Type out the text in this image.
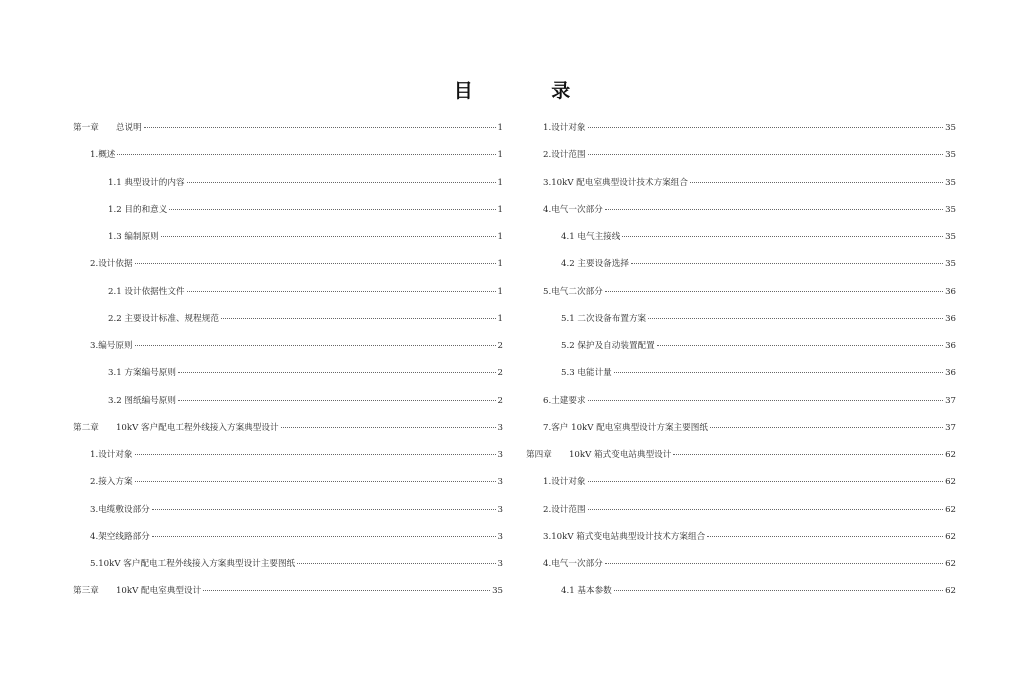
目 录
第一章　　总说明	1
1.概述	1
1.1 典型设计的内容	1
1.2 目的和意义	1
1.3 编制原则	1
2.设计依据	1
2.1 设计依据性文件	1
2.2 主要设计标准、规程规范	1
3.编号原则	2
3.1 方案编号原则	2
3.2 图纸编号原则	2
第二章　　10kV 客户配电工程外线接入方案典型设计	3
1.设计对象	3
2.接入方案	3
3.电缆敷设部分	3
4.架空线路部分	3
5.10kV 客户配电工程外线接入方案典型设计主要图纸	3
第三章　　10kV 配电室典型设计	35
1.设计对象	35
2.设计范围	35
3.10kV 配电室典型设计技术方案组合	35
4.电气一次部分	35
4.1 电气主接线	35
4.2 主要设备选择	35
5.电气二次部分	36
5.1 二次设备布置方案	36
5.2 保护及自动装置配置	36
5.3 电能计量	36
6.土建要求	37
7.客户 10kV 配电室典型设计方案主要图纸	37
第四章　　10kV 箱式变电站典型设计	62
1.设计对象	62
2.设计范围	62
3.10kV 箱式变电站典型设计技术方案组合	62
4.电气一次部分	62
4.1 基本参数	62
